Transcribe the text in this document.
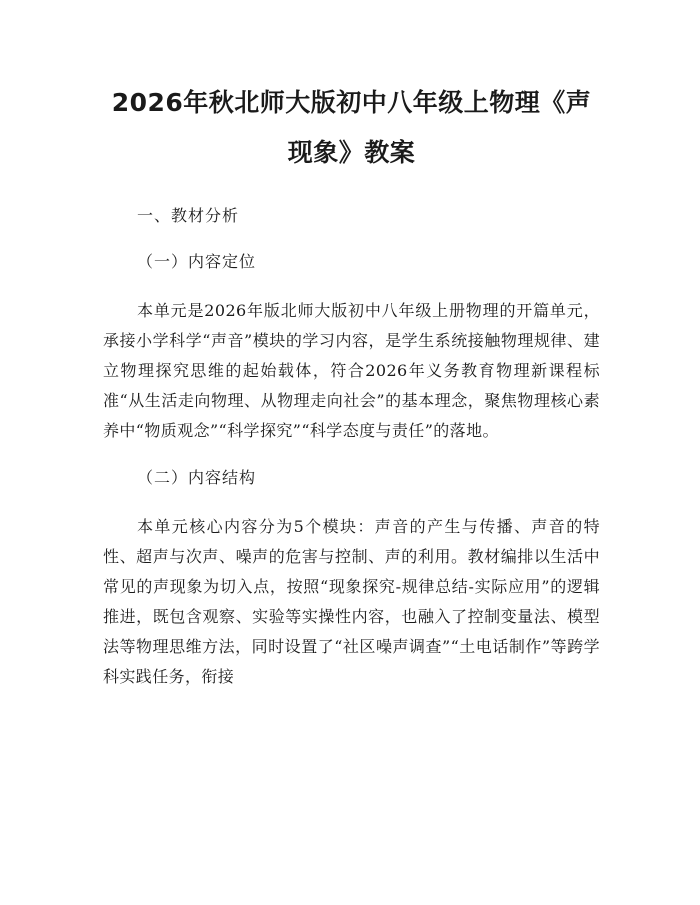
2026年秋北师大版初中八年级上物理《声现象》教案
一、教材分析
（一）内容定位

本单元是2026年版北师大版初中八年级上册物理的开篇单元，承接小学科学“声音”模块的学习内容，是学生系统接触物理规律、建立物理探究思维的起始载体，符合2026年义务教育物理新课程标准“从生活走向物理、从物理走向社会”的基本理念，聚焦物理核心素养中“物质观念”“科学探究”“科学态度与责任”的落地。

（二）内容结构

本单元核心内容分为5个模块：声音的产生与传播、声音的特性、超声与次声、噪声的危害与控制、声的利用。教材编排以生活中常见的声现象为切入点，按照“现象探究-规律总结-实际应用”的逻辑推进，既包含观察、实验等实操性内容，也融入了控制变量法、模型法等物理思维方法，同时设置了“社区噪声调查”“土电话制作”等跨学科实践任务，衔接
